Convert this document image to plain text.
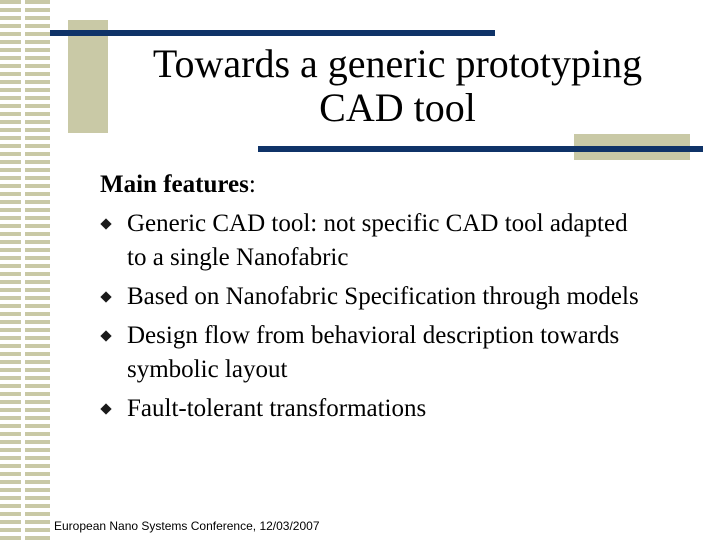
Towards a generic prototyping
CAD tool
Main features:
Generic CAD tool: not specific CAD tool adapted
to a single Nanofabric
Based on Nanofabric Specification through models
Design flow from behavioral description towards
symbolic layout
Fault-tolerant transformations
European Nano Systems Conference, 12/03/2007
